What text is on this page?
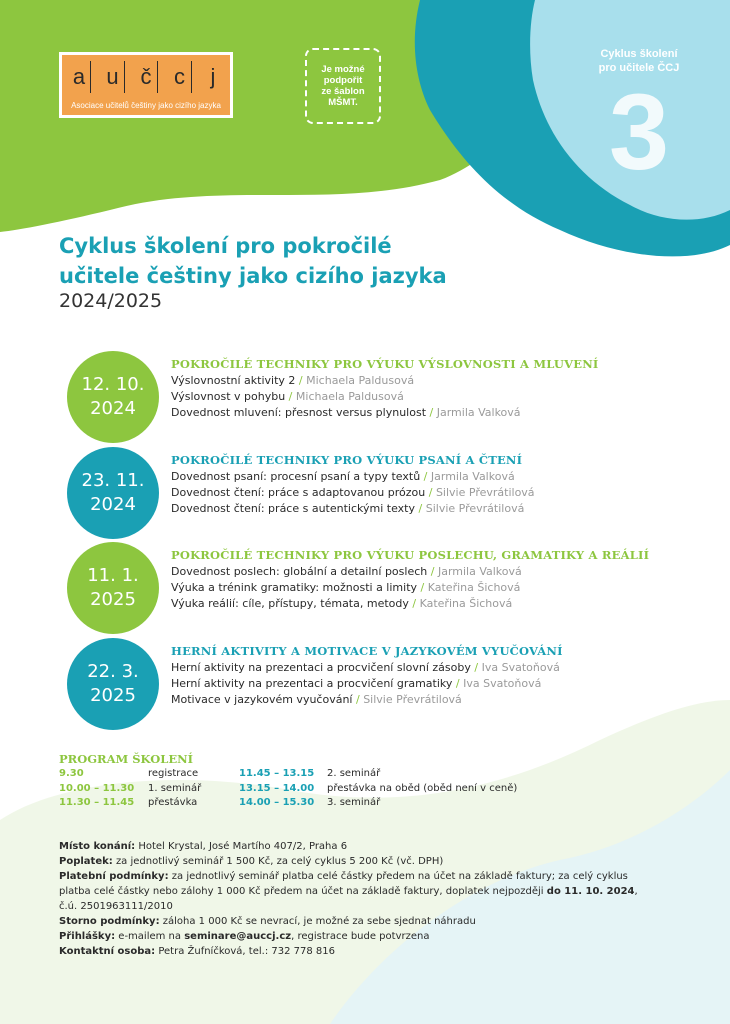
a u č c	j
Asociace učitelů češtiny jako cizího jazyka
Je možné
podpořit
ze šablon
MŠMT.
Cyklus školení
pro učitele ČCJ
3
Cyklus školení pro pokročilé
učitele češtiny jako cizího jazyka
2024/2025
12. 10.
2024
POKROČILÉ TECHNIKY PRO VÝUKU VÝSLOVNOSTI A MLUVENÍ
Výslovnostní aktivity 2 / Michaela Paldusová
Výslovnost v pohybu / Michaela Paldusová
Dovednost mluvení: přesnost versus plynulost / Jarmila Valková
23. 11.
2024
POKROČILÉ TECHNIKY PRO VÝUKU PSANÍ A ČTENÍ
Dovednost psaní: procesní psaní a typy textů / Jarmila Valková
Dovednost čtení: práce s adaptovanou prózou / Silvie Převrátilová
Dovednost čtení: práce s autentickými texty / Silvie Převrátilová
11. 1.
2025
POKROČILÉ TECHNIKY PRO VÝUKU POSLECHU, GRAMATIKY A REÁLIÍ
Dovednost poslech: globální a detailní poslech / Jarmila Valková
Výuka a trénink gramatiky: možnosti a limity / Kateřina Šichová
Výuka reálií: cíle, přístupy, témata, metody / Kateřina Šichová
22. 3.
2025
HERNÍ AKTIVITY A MOTIVACE V JAZYKOVÉM VYUČOVÁNÍ
Herní aktivity na prezentaci a procvičení slovní zásoby / Iva Svatoňová
Herní aktivity na prezentaci a procvičení gramatiky / Iva Svatoňová
Motivace v jazykovém vyučování / Silvie Převrátilová
PROGRAM ŠKOLENÍ
9.30	registrace
10.00 – 11.30 1. seminář
11.30 – 11.45 přestávka
11.45 – 13.15 2. seminář
13.15 – 14.00 přestávka na oběd (oběd není v ceně)
14.00 – 15.30 3. seminář

Místo konání: Hotel Krystal, José Martího 407/2, Praha 6

Poplatek: za jednotlivý seminář 1 500 Kč, za celý cyklus 5 200 Kč (vč. DPH)

Platební podmínky: za jednotlivý seminář platba celé částky předem na účet na základě faktury; za celý cyklus

platba celé částky nebo zálohy 1 000 Kč předem na účet na základě faktury, doplatek nejpozději do 11. 10. 2024,

č.ú. 2501963111/2010

Storno podmínky: záloha 1 000 Kč se nevrací, je možné za sebe sjednat náhradu

Přihlášky: e-mailem na seminare@auccj.cz, registrace bude potvrzena

Kontaktní osoba: Petra Žufníčková, tel.: 732 778 816
